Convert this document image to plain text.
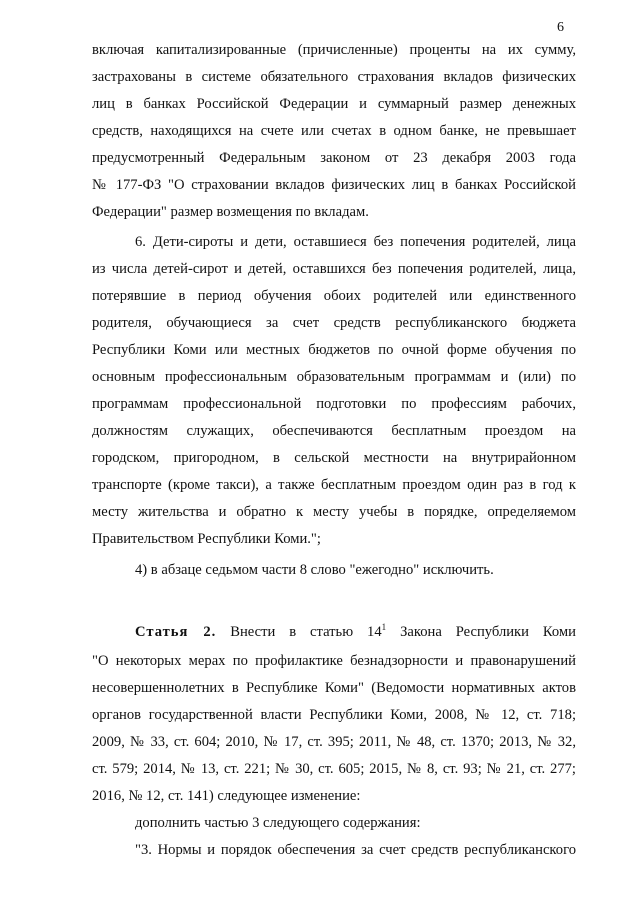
6
включая капитализированные (причисленные) проценты на их сумму,
застрахованы в системе обязательного страхования вкладов физических
лиц в банках Российской Федерации и суммарный размер денежных
средств, находящихся на счете или счетах в одном банке, не превышает
предусмотренный Федеральным законом от 23 декабря 2003 года
№ 177-ФЗ "О страховании вкладов физических лиц в банках Российской
Федерации" размер возмещения по вкладам.
6. Дети-сироты и дети, оставшиеся без попечения родителей, лица
из числа детей-сирот и детей, оставшихся без попечения родителей, лица,
потерявшие в период обучения обоих родителей или единственного
родителя, обучающиеся за счет средств республиканского бюджета
Республики Коми или местных бюджетов по очной форме обучения по
основным профессиональным образовательным программам и (или) по
программам профессиональной подготовки по профессиям рабочих,
должностям служащих, обеспечиваются бесплатным проездом на
городском, пригородном, в сельской местности на внутрирайонном
транспорте (кроме такси), а также бесплатным проездом один раз в год к
месту жительства и обратно к месту учебы в порядке, определяемом
Правительством Республики Коми.";
4) в абзаце седьмом части 8 слово "ежегодно" исключить.
Статья 2. Внести в статью $14^1$ Закона Республики Коми
"О некоторых мерах по профилактике безнадзорности и правонарушений
несовершеннолетних в Республике Коми" (Ведомости нормативных актов
органов государственной власти Республики Коми, 2008, № 12, ст. 718;
2009, № 33, ст. 604; 2010, № 17, ст. 395; 2011, № 48, ст. 1370; 2013, № 32,
ст. 579; 2014, № 13, ст. 221; № 30, ст. 605; 2015, № 8, ст. 93; № 21, ст. 277;
2016, № 12, ст. 141) следующее изменение:
дополнить частью 3 следующего содержания:
"3. Нормы и порядок обеспечения за счет средств республиканского
